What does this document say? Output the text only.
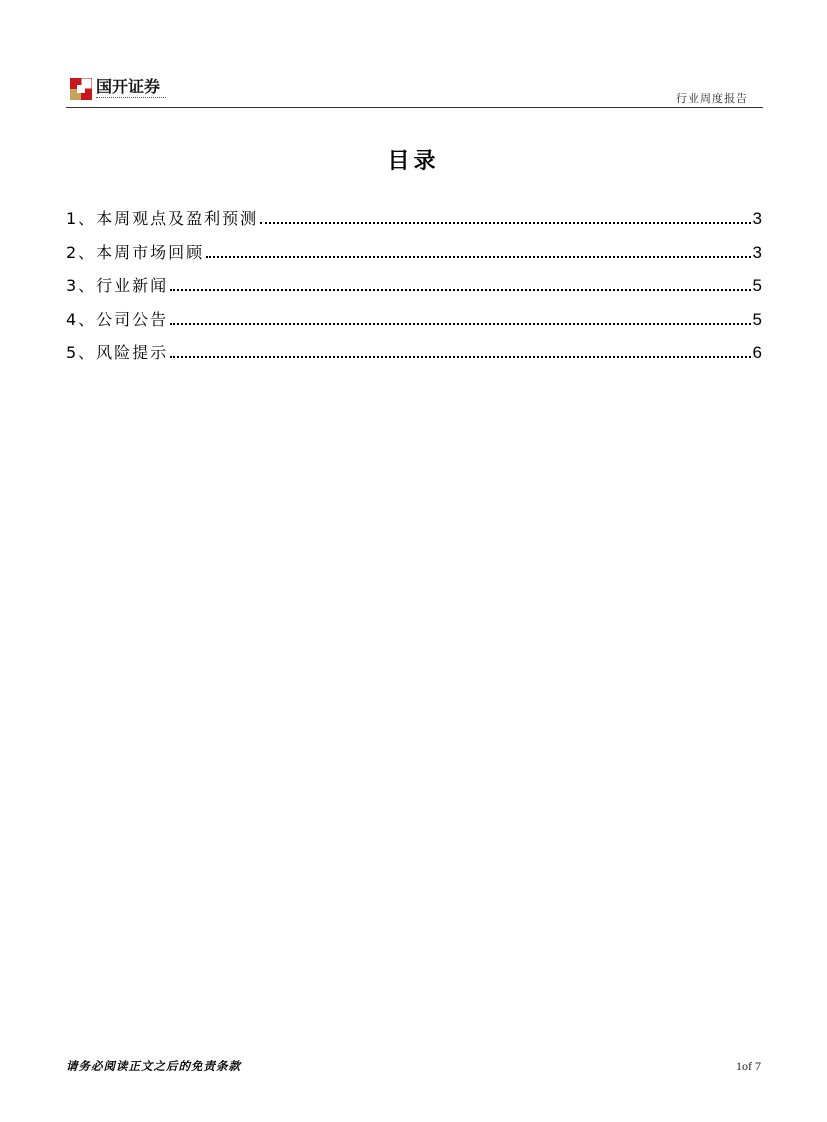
国开证券
行业周度报告
目录
1、本周观点及盈利预测	3
2、本周市场回顾	3
3、行业新闻	5
4、公司公告	5
5、风险提示	6
请务必阅读正文之后的免责条款	1of 7
